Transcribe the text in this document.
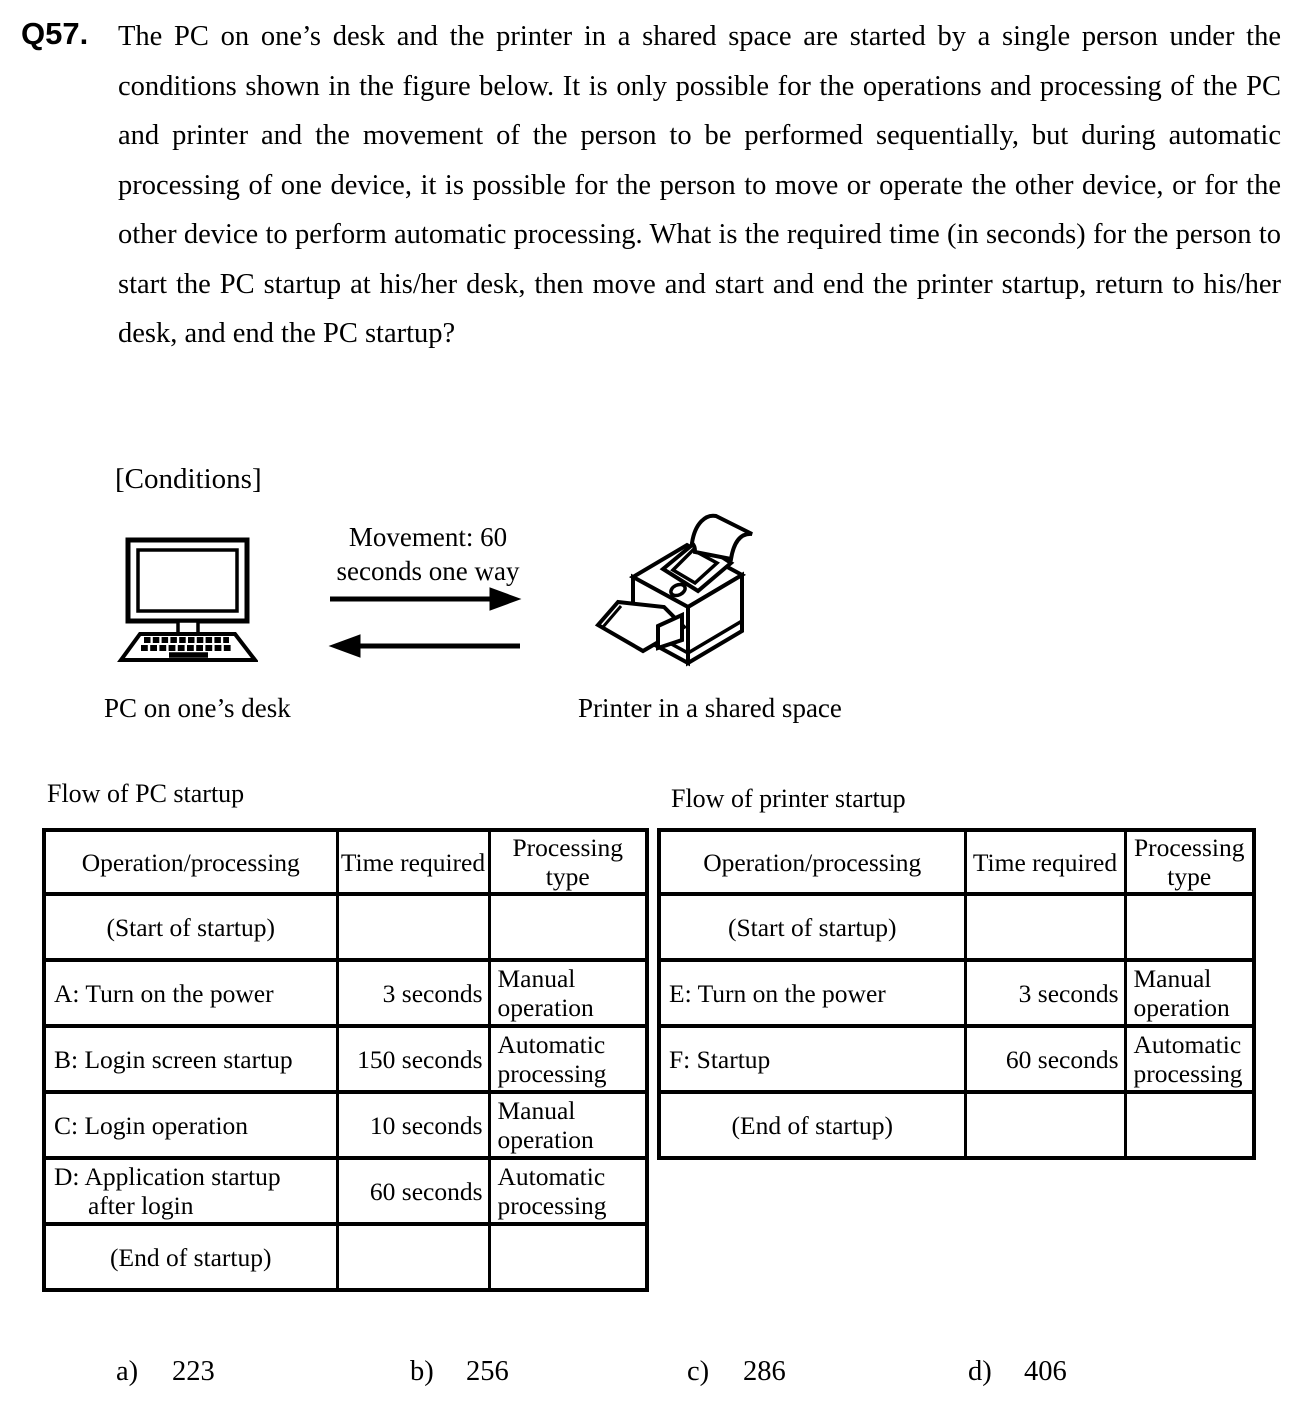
Q57. The PC on one’s desk and the printer in a shared space are started by a single person under the conditions shown in the figure below. It is only possible for the operations and processing of the PC and printer and the movement of the person to be performed sequentially, but during automatic processing of one device, it is possible for the person to move or operate the other device, or for the other device to perform automatic processing. What is the required time (in seconds) for the person to start the PC startup at his/her desk, then move and start and end the printer startup, return to his/her desk, and end the PC startup?
[Conditions]
PC on one’s desk
Movement: 60
seconds one way
Printer in a shared space
Flow of PC startup
Operation/processing	Time required	Processing type
(Start of startup)		
A: Turn on the power	3 seconds	Manual operation
B: Login screen startup	150 seconds	Automatic processing
C: Login operation	10 seconds	Manual operation
D: Application startup after login	60 seconds	Automatic processing
(End of startup)		
Flow of printer startup
Operation/processing	Time required	Processing type
(Start of startup)		
E: Turn on the power	3 seconds	Manual operation
F: Startup	60 seconds	Automatic processing
(End of startup)		
a) 223	b) 256	c) 286	d) 406
